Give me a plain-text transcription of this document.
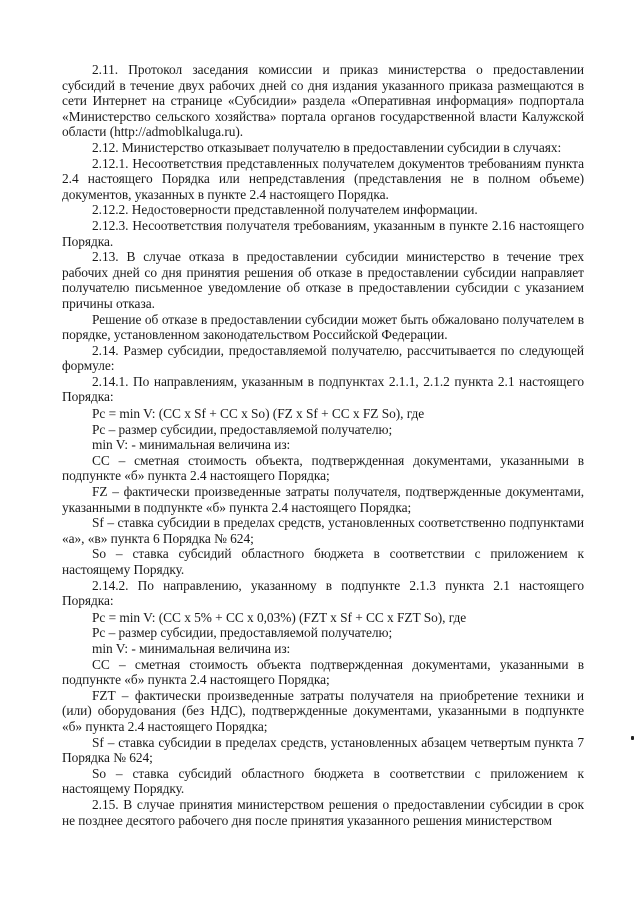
2.11. Протокол заседания комиссии и приказ министерства о предоставлении субсидий в течение двух рабочих дней со дня издания указанного приказа размещаются в сети Интернет на странице «Субсидии» раздела «Оперативная информация» подпортала «Министерство сельского хозяйства» портала органов государственной власти Калужской области (http://admoblkaluga.ru).

2.12. Министерство отказывает получателю в предоставлении субсидии в случаях:

2.12.1. Несоответствия представленных получателем документов требованиям пункта 2.4 настоящего Порядка или непредставления (представления не в полном объеме) документов, указанных в пункте 2.4 настоящего Порядка.

2.12.2. Недостоверности представленной получателем информации.

2.12.3. Несоответствия получателя требованиям, указанным в пункте 2.16 настоящего Порядка.

2.13. В случае отказа в предоставлении субсидии министерство в течение трех рабочих дней со дня принятия решения об отказе в предоставлении субсидии направляет получателю письменное уведомление об отказе в предоставлении субсидии с указанием причины отказа.

Решение об отказе в предоставлении субсидии может быть обжаловано получателем в порядке, установленном законодательством Российской Федерации.

2.14. Размер субсидии, предоставляемой получателю, рассчитывается по следующей формуле:

2.14.1. По направлениям, указанным в подпунктах 2.1.1, 2.1.2 пункта 2.1 настоящего Порядка:

Pc = min V: (CC x Sf + CC x So) (FZ x Sf + CC x FZ So), где

Pc – размер субсидии, предоставляемой получателю;

min V: - минимальная величина из:

CC – сметная стоимость объекта, подтвержденная документами, указанными в подпункте «б» пункта 2.4 настоящего Порядка;

FZ – фактически произведенные затраты получателя, подтвержденные документами, указанными в подпункте «б» пункта 2.4 настоящего Порядка;

Sf – ставка субсидии в пределах средств, установленных соответственно подпунктами «а», «в» пункта 6 Порядка № 624;

So – ставка субсидий областного бюджета в соответствии с приложением к настоящему Порядку.

2.14.2. По направлению, указанному в подпункте 2.1.3 пункта 2.1 настоящего Порядка:

Pc = min V: (CC x 5% + CC x 0,03%) (FZT x Sf + CC x FZT So), где

Pc – размер субсидии, предоставляемой получателю;

min V: - минимальная величина из:

CC – сметная стоимость объекта подтвержденная документами, указанными в подпункте «б» пункта 2.4 настоящего Порядка;

FZT – фактически произведенные затраты получателя на приобретение техники и (или) оборудования (без НДС), подтвержденные документами, указанными в подпункте «б» пункта 2.4 настоящего Порядка;

Sf – ставка субсидии в пределах средств, установленных абзацем четвертым пункта 7 Порядка № 624;

So – ставка субсидий областного бюджета в соответствии с приложением к настоящему Порядку.

2.15. В случае принятия министерством решения о предоставлении субсидии в срок не позднее десятого рабочего дня после принятия указанного решения министерством
